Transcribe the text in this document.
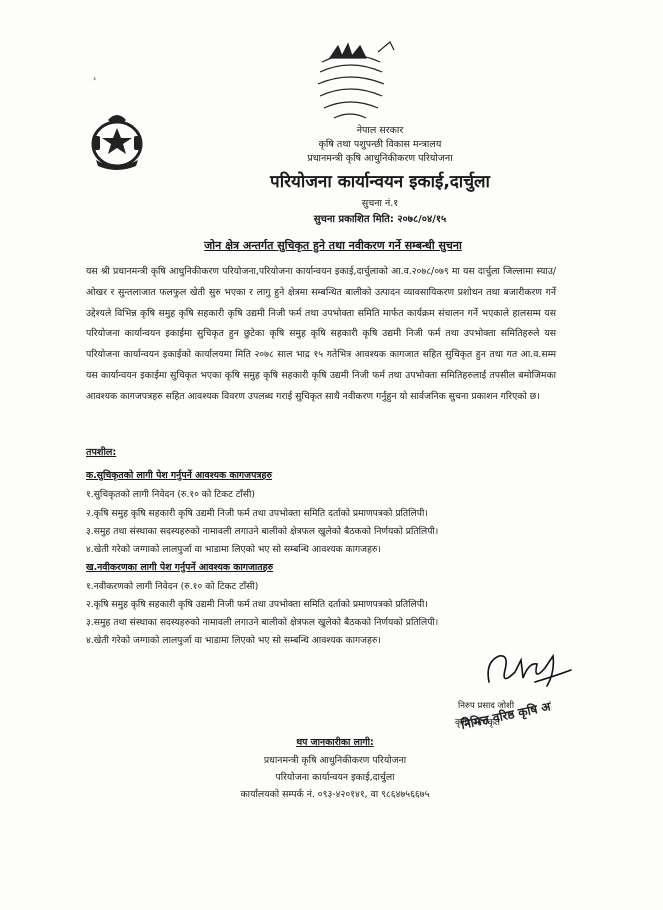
›
नेपाल सरकार
कृषि तथा पशुपन्छी विकास मन्त्रालय
प्रधानमन्त्री कृषि आधुनिकीकरण परियोजना
परियोजना कार्यान्वयन इकाई,दार्चुला
सुचना नं.१
सुचना प्रकाशित मिति: २०७८/०४/१५
जोन क्षेत्र अन्तर्गत सुचिकृत हुने तथा नवीकरण गर्ने सम्बन्धी सुचना
यस श्री प्रधानमन्त्री कृषि आधुनिकीकरण परियोजना,परियोजना कार्यान्वयन इकाई,दार्चुलाको आ.व.२०७८/०७९ मा यस दार्चुला जिल्लामा स्याउ/ओखर र सुन्तलाजात फलफुल खेती सुरु भएका र लागु हुने क्षेत्रमा सम्बन्धित बालीको उत्पादन व्यावसायिकरण प्रशोधन तथा बजारीकरण गर्ने उद्देश्यले विभिन्न कृषि समुह कृषि सहकारी कृषि उद्यमी निजी फर्म तथा उपभोक्ता समिति मार्फत कार्यक्रम संचालन गर्ने भएकाले हालसम्म यस परियोजना कार्यान्वयन इकाईमा सुचिकृत हुन छुटेका कृषि समुह कृषि सहकारी कृषि उद्यमी निजी फर्म तथा उपभोक्ता समितिहरुले यस परियोजना कार्यान्वयन इकाईको कार्यालयमा मिति २०७८ साल भाद्र १५ गतेभित्र आवश्यक कागजात सहित सुचिकृत हुन तथा गत आ.व.सम्म यस कार्यान्वयन इकाईमा सुचिकृत भएका कृषि समुह कृषि सहकारी कृषि उद्यमी निजी फर्म तथा उपभोक्ता समितिहरुलाई तपसील बमोजिमका आवश्यक कागजपत्रहरु सहित आवश्यक विवरण उपलब्ध गराई सुचिकृत साथै नवीकरण गर्नुहुन यो सार्वजनिक सुचना प्रकाशन गरिएको छ।
तपशील:
क.सुचिकृतको लागी पेश गर्नुपर्ने आवश्यक कागजपत्रहरु
१.सुचिकृतको लागी निवेदन (रु.१० को टिकट टाँसी)
२.कृषि समुह कृषि सहकारी कृषि उद्यमी निजी फर्म तथा उपभोक्ता समिति दर्ताको प्रमाणपत्रको प्रतिलिपी।
३.समुह तथा संस्थाका सदस्यहरुको नामावली लगाउने बालीको क्षेत्रफल खुलेको बैठकको निर्णयको प्रतिलिपी।
४.खेती गरेको जग्गाको लालपुर्जा वा भाडामा लिएको भए सो सम्बन्धि आवश्यक कागजहरु।
ख.नवीकरणका लागी पेश गर्नुपर्ने आवश्यक कागजातहरु
१.नवीकरणको लागी निवेदन (रु.१० को टिकट टाँसी)
२.कृषि समुह कृषि सहकारी कृषि उद्यमी निजी फर्म तथा उपभोक्ता समिति दर्ताको प्रमाणपत्रको प्रतिलिपी।
३.समुह तथा संस्थाका सदस्यहरुको नामावली लगाउने बालीको क्षेत्रफल खुलेको बैठकको निर्णयको प्रतिलिपी।
४.खेती गरेको जग्गाको लालपुर्जा वा भाडामा लिएको भए सो सम्बन्धि आवश्यक कागजहरु।
निमित्त वरिष्ठ कृषि अधिकृत
निरुप प्रसाद जोशी
कृषि अधिकृत
थप जानकारीका लागी:
प्रधानमन्त्री कृषि आधुनिकीकरण परियोजना
परियोजना कार्यान्वयन इकाई,दार्चुला
कार्यालयको सम्पर्क नं. ०९३-४२०१४१, वा ९८६४७५६६७५
